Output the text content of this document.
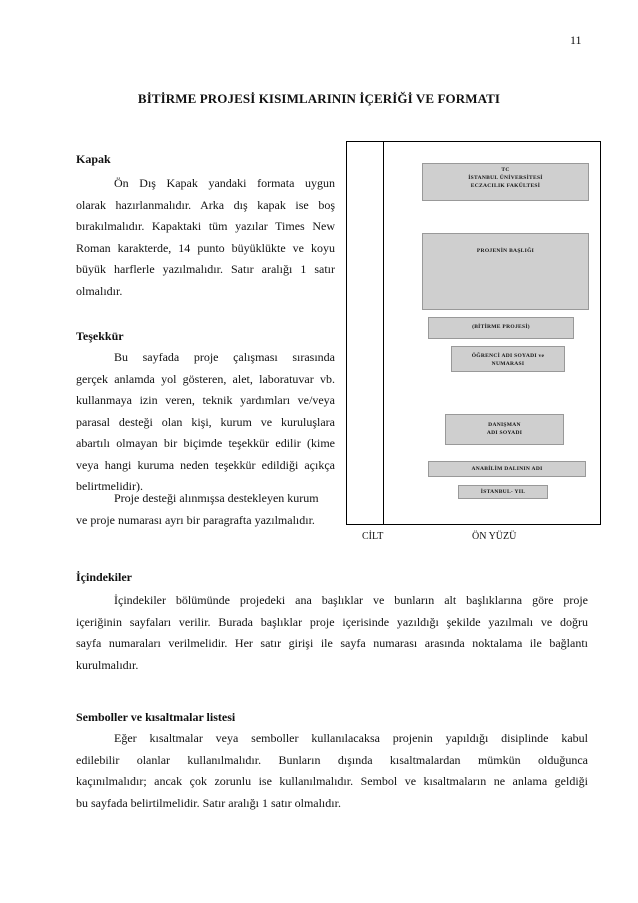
11
BİTİRME PROJESİ KISIMLARININ İÇERİĞİ VE FORMATI
Kapak
Ön Dış Kapak yandaki formata uygun
olarak hazırlanmalıdır. Arka dış kapak ise boş
bırakılmalıdır. Kapaktaki tüm yazılar Times New
Roman karakterde, 14 punto büyüklükte ve koyu
büyük harflerle yazılmalıdır. Satır aralığı 1 satır
olmalıdır.
Teşekkür
Bu sayfada proje çalışması sırasında
gerçek anlamda yol gösteren, alet, laboratuvar vb.
kullanmaya izin veren, teknik yardımları ve/veya
parasal desteği olan kişi, kurum ve kuruluşlara
abartılı olmayan bir biçimde teşekkür edilir (kime
veya hangi kuruma neden teşekkür edildiği açıkça
belirtmelidir).
Proje desteği alınmışsa destekleyen kurum
ve proje numarası ayrı bir paragrafta yazılmalıdır.
TC
İSTANBUL ÜNİVERSİTESİ
ECZACILIK FAKÜLTESİ
PROJENİN BAŞLIĞI
(BİTİRME PROJESİ)
ÖĞRENCİ ADI SOYADI ve
NUMARASI
DANIŞMAN
ADI SOYADI
ANABİLİM DALININ ADI
İSTANBUL- YIL
CİLT	ÖN YÜZÜ
İçindekiler
İçindekiler bölümünde projedeki ana başlıklar ve bunların alt başlıklarına göre proje
içeriğinin sayfaları verilir. Burada başlıklar proje içerisinde yazıldığı şekilde yazılmalı ve doğru
sayfa numaraları verilmelidir. Her satır girişi ile sayfa numarası arasında noktalama ile bağlantı
kurulmalıdır.
Semboller ve kısaltmalar listesi
Eğer kısaltmalar veya semboller kullanılacaksa projenin yapıldığı disiplinde kabul
edilebilir olanlar kullanılmalıdır. Bunların dışında kısaltmalardan mümkün olduğunca
kaçınılmalıdır; ancak çok zorunlu ise kullanılmalıdır. Sembol ve kısaltmaların ne anlama geldiği
bu sayfada belirtilmelidir. Satır aralığı 1 satır olmalıdır.
